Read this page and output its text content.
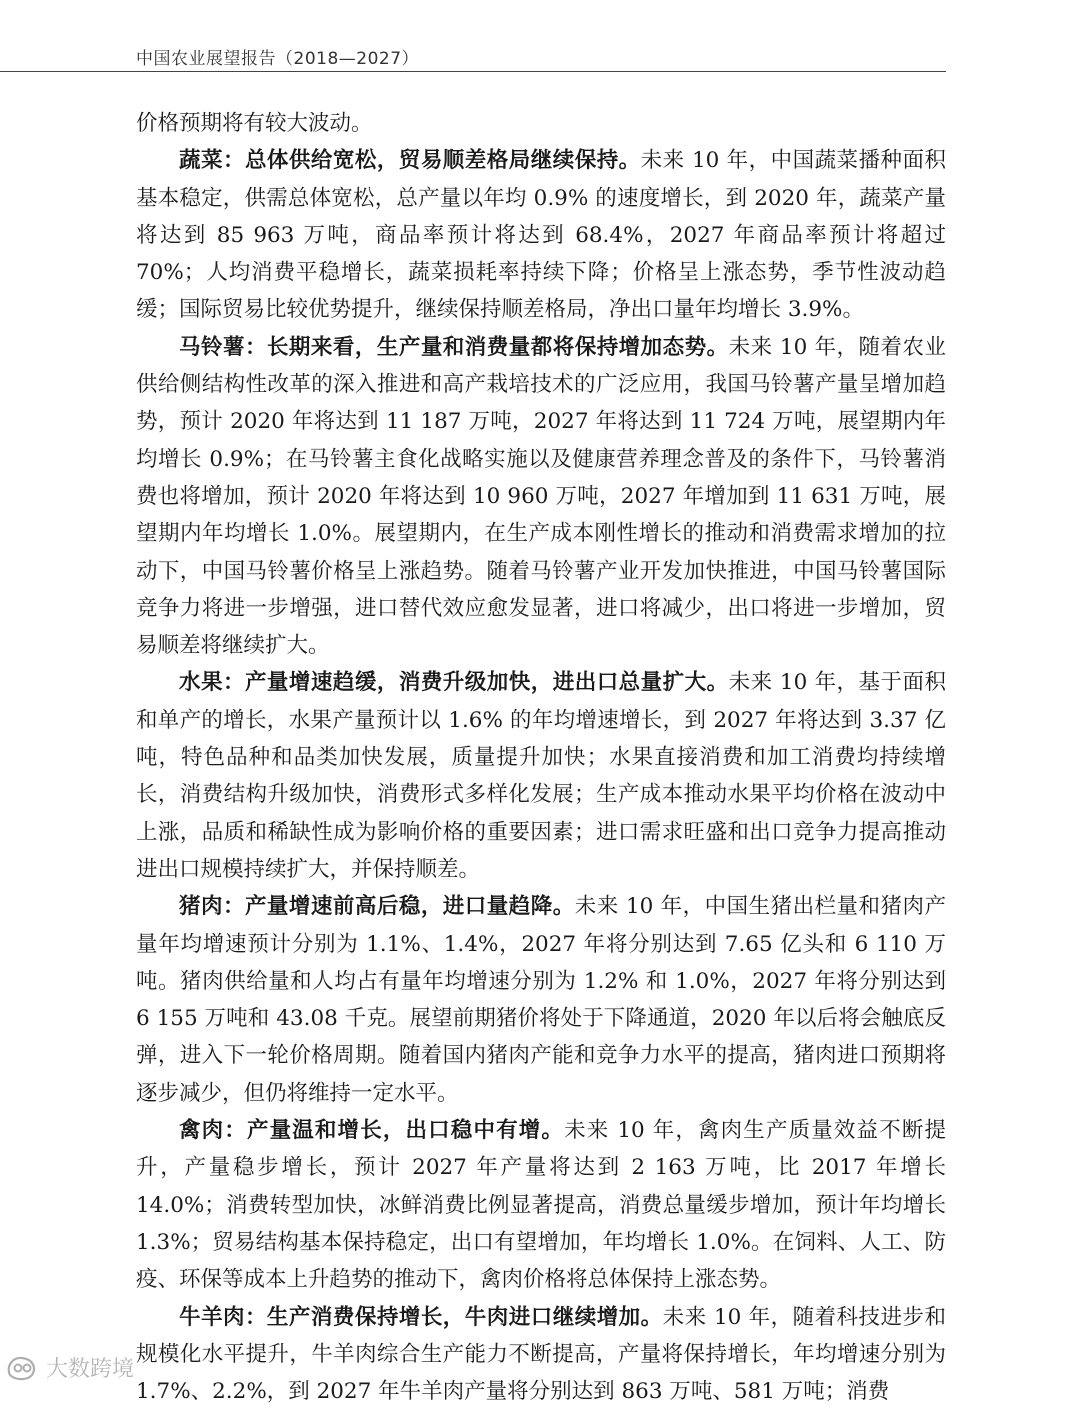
中国农业展望报告（2018—2027）

价格预期将有较大波动。

蔬菜：总体供给宽松，贸易顺差格局继续保持。未来 10 年，中国蔬菜播种面积基本稳定，供需总体宽松，总产量以年均 0.9% 的速度增长，到 2020 年，蔬菜产量将达到 85 963 万吨，商品率预计将达到 68.4%，2027 年商品率预计将超过 70%；人均消费平稳增长，蔬菜损耗率持续下降；价格呈上涨态势，季节性波动趋缓；国际贸易比较优势提升，继续保持顺差格局，净出口量年均增长 3.9%。

马铃薯：长期来看，生产量和消费量都将保持增加态势。未来 10 年，随着农业供给侧结构性改革的深入推进和高产栽培技术的广泛应用，我国马铃薯产量呈增加趋势，预计 2020 年将达到 11 187 万吨，2027 年将达到 11 724 万吨，展望期内年均增长 0.9%；在马铃薯主食化战略实施以及健康营养理念普及的条件下，马铃薯消费也将增加，预计 2020 年将达到 10 960 万吨，2027 年增加到 11 631 万吨，展望期内年均增长 1.0%。展望期内，在生产成本刚性增长的推动和消费需求增加的拉动下，中国马铃薯价格呈上涨趋势。随着马铃薯产业开发加快推进，中国马铃薯国际竞争力将进一步增强，进口替代效应愈发显著，进口将减少，出口将进一步增加，贸易顺差将继续扩大。

水果：产量增速趋缓，消费升级加快，进出口总量扩大。未来 10 年，基于面积和单产的增长，水果产量预计以 1.6% 的年均增速增长，到 2027 年将达到 3.37 亿吨，特色品种和品类加快发展，质量提升加快；水果直接消费和加工消费均持续增长，消费结构升级加快，消费形式多样化发展；生产成本推动水果平均价格在波动中上涨，品质和稀缺性成为影响价格的重要因素；进口需求旺盛和出口竞争力提高推动进出口规模持续扩大，并保持顺差。

猪肉：产量增速前高后稳，进口量趋降。未来 10 年，中国生猪出栏量和猪肉产量年均增速预计分别为 1.1%、1.4%，2027 年将分别达到 7.65 亿头和 6 110 万吨。猪肉供给量和人均占有量年均增速分别为 1.2% 和 1.0%，2027 年将分别达到 6 155 万吨和 43.08 千克。展望前期猪价将处于下降通道，2020 年以后将会触底反弹，进入下一轮价格周期。随着国内猪肉产能和竞争力水平的提高，猪肉进口预期将逐步减少，但仍将维持一定水平。

禽肉：产量温和增长，出口稳中有增。未来 10 年，禽肉生产质量效益不断提升，产量稳步增长，预计 2027 年产量将达到 2 163 万吨，比 2017 年增长 14.0%；消费转型加快，冰鲜消费比例显著提高，消费总量缓步增加，预计年均增长 1.3%；贸易结构基本保持稳定，出口有望增加，年均增长 1.0%。在饲料、人工、防疫、环保等成本上升趋势的推动下，禽肉价格将总体保持上涨态势。

牛羊肉：生产消费保持增长，牛肉进口继续增加。未来 10 年，随着科技进步和规模化水平提升，牛羊肉综合生产能力不断提高，产量将保持增长，年均增速分别为 1.7%、2.2%，到 2027 年牛羊肉产量将分别达到 863 万吨、581 万吨；消费

大数跨境
